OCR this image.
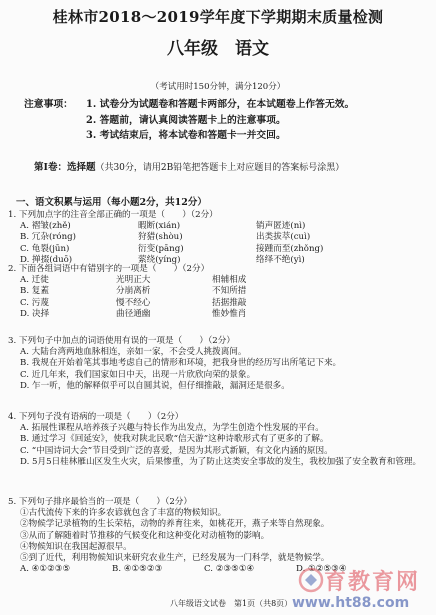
桂林市2018～2019学年度下学期期末质量检测
八年级　语文
（考试用时150分钟，满分120分）
注意事项： 1. 试卷分为试题卷和答题卡两部分，在本试题卷上作答无效。
2. 答题前，请认真阅读答题卡上的注意事项。
3. 考试结束后，将本试卷和答题卡一并交回。
第Ⅰ卷：选择题（共30分，请用2B铅笔把答题卡上对应题目的答案标号涂黑）
一、语文积累与运用（每小题2分，共12分）
1. 下列加点字的注音全部正确的一项是（　　）（2分）
A. 褶皱(zhě)	暇断(xián)	销声匿迹(nì)
B. 冗杂(róng)	狩猎(shòu)	出类拔萃(cuì)
C. 龟裂(jūn)	衍变(pāng)	接踵而至(zhǒng)
D. 掸掇(duō)	萦绕(yíng)	络绎不绝(yì)
2. 下面各组词语中有错别字的一项是（　　）（2分）
A. 迁徙	光明正大	相辅相成
B. 复蓋	分崩离析	不知所措
C. 污蔑	慢不经心	括据推敲
D. 决择	曲径通幽	惟妙惟肖
3. 下列句子中加点的词语使用有误的一项是（　　）（2分）
A. 大陆台湾两地血脉相连，亲如一家，不会受人挑拨离间。
B. 我规在开始着笔其事地考虑自己的情形和环境，把我身世的经历写出所笔记下来。
C. 近几年来，我们国家如日中天，出现一片欣欣向荣的景象。
D. 乍一听，他的解释似乎可以自圆其说，但仔细推敲，漏洞还是很多。
4. 下列句子没有语病的一项是（　　）（2分）
A. 拓展性课程从培养孩子兴趣与特长作为出发点，为学生创造个性发展的平台。
B. 通过学习《回延安》，使我对陕北民歌“信天游”这种诗歌形式有了更多的了解。
C. “中国诗词大会”节目受到广泛的喜爱，是因为其形式新颖，有文化内涵的原因。
D. 5月5日桂林雁山区发生火灾，后果惨重，为了防止这类安全事故的发生，我校加强了安全教育和管理。
5. 下列句子排序最恰当的一项是（　　）（2分）
①古代流传下来的许多农谚就包含了丰富的物候知识。
②物候学记录植物的生长荣枯，动物的养育往来，如桃花开，燕子来等自然现象。
③从而了解随着时节推移的气候变化和这种变化对动植物的影响。
④物候知识在我国起源很早。
⑤到了近代，利用物候知识来研究农业生产，已经发展为一门科学，就是物候学。
A. ④①②③⑤	B. ④①⑤②③	C. ②③⑤①④	D. ①②⑤③④
八年级语文试卷 第1页（共8页）
育教育网
www.ht88.com
